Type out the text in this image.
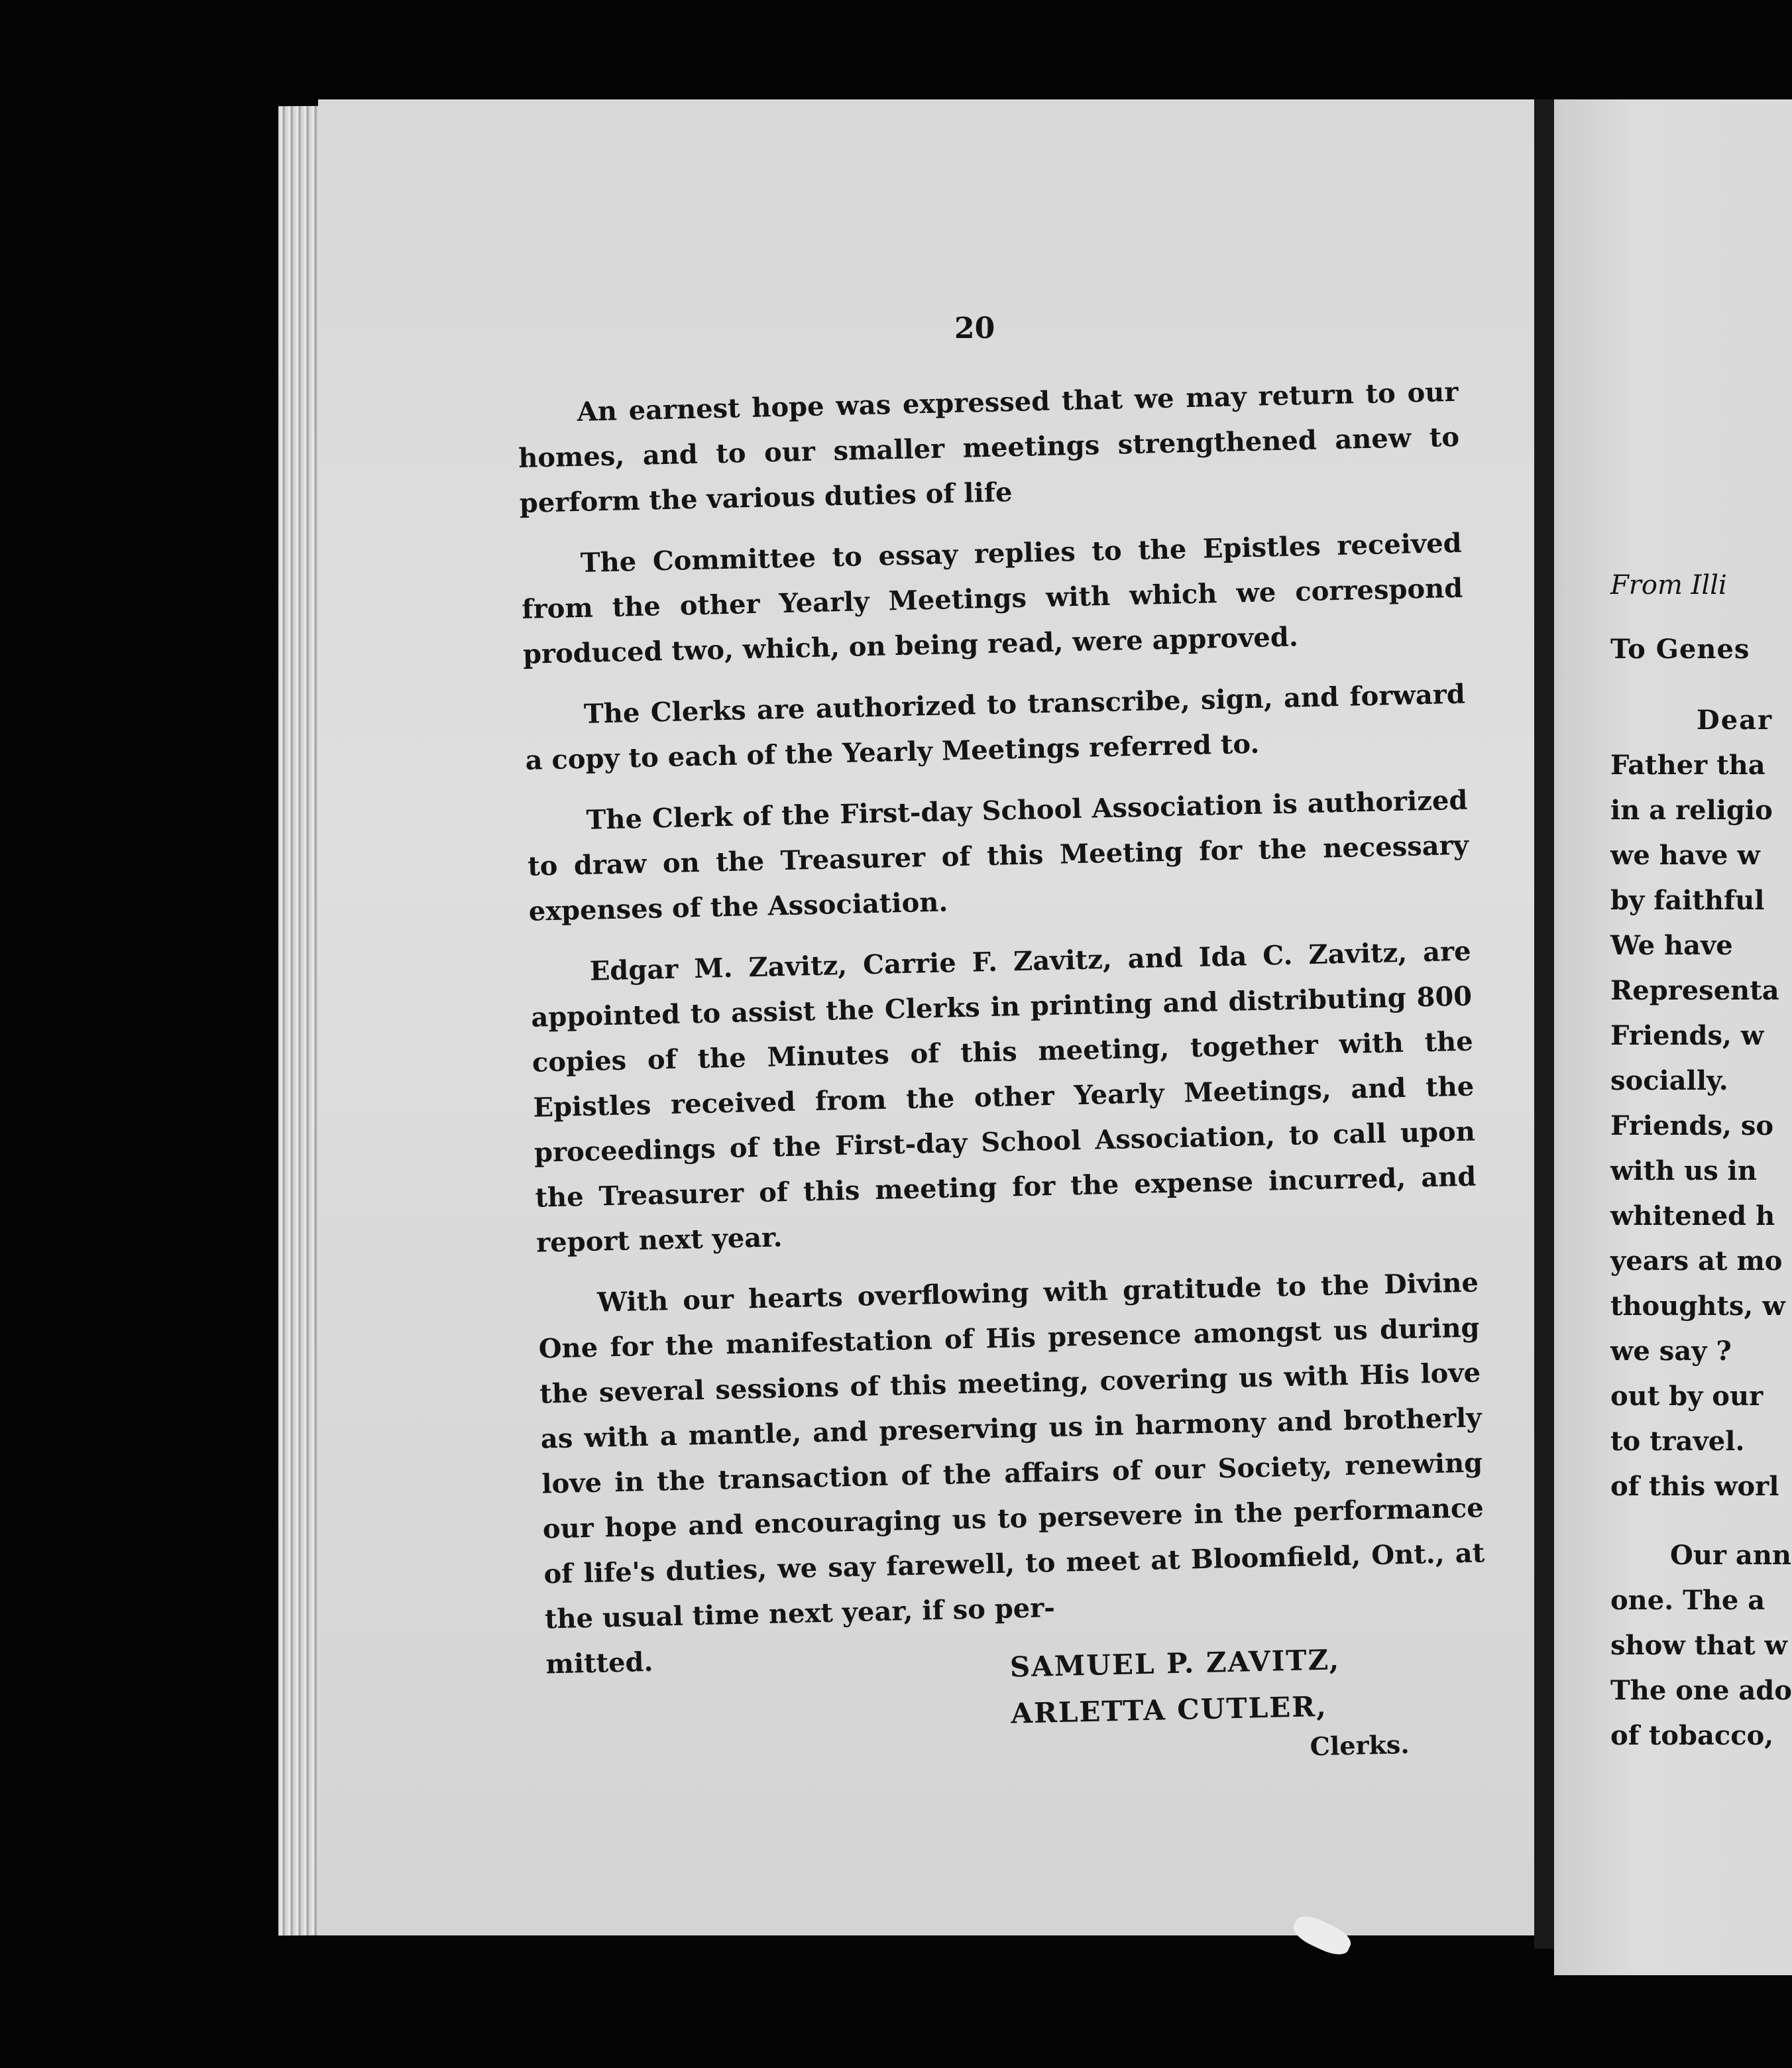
20

An earnest hope was expressed that we may return to our homes, and to our smaller meetings strengthened anew to perform the various duties of life

The Committee to essay replies to the Epistles received from the other Yearly Meetings with which we correspond produced two, which, on being read, were approved.

The Clerks are authorized to transcribe, sign, and forward a copy to each of the Yearly Meetings referred to.

The Clerk of the First-day School Association is authorized to draw on the Treasurer of this Meeting for the necessary expenses of the Association.

Edgar M. Zavitz, Carrie F. Zavitz, and Ida C. Zavitz, are appointed to assist the Clerks in printing and distributing 800 copies of the Minutes of this meeting, together with the Epistles received from the other Yearly Meetings, and the proceedings of the First-day School Association, to call upon the Treasurer of this meeting for the expense incurred, and report next year.

With our hearts overflowing with gratitude to the Divine One for the manifestation of His presence amongst us during the several sessions of this meeting, covering us with His love as with a mantle, and preserving us in harmony and brotherly love in the transaction of the affairs of our Society, renewing our hope and encouraging us to persevere in the performance of life's duties, we say farewell, to meet at Bloomfield, Ont., at the usual time next year, if so per-

mitted.	SAMUEL P. ZAVITZ,
ARLETTA CUTLER,
Clerks.
From Illi
To Genes
Dear
Father tha
in a religio
we have w
by faithful
We have
Representa
Friends, w
socially.
Friends, so
with us in
whitened h
years at mo
thoughts, w
we say ?
out by our
to travel.
of this worl
Our ann
one. The a
show that w
The one ado
of tobacco,
